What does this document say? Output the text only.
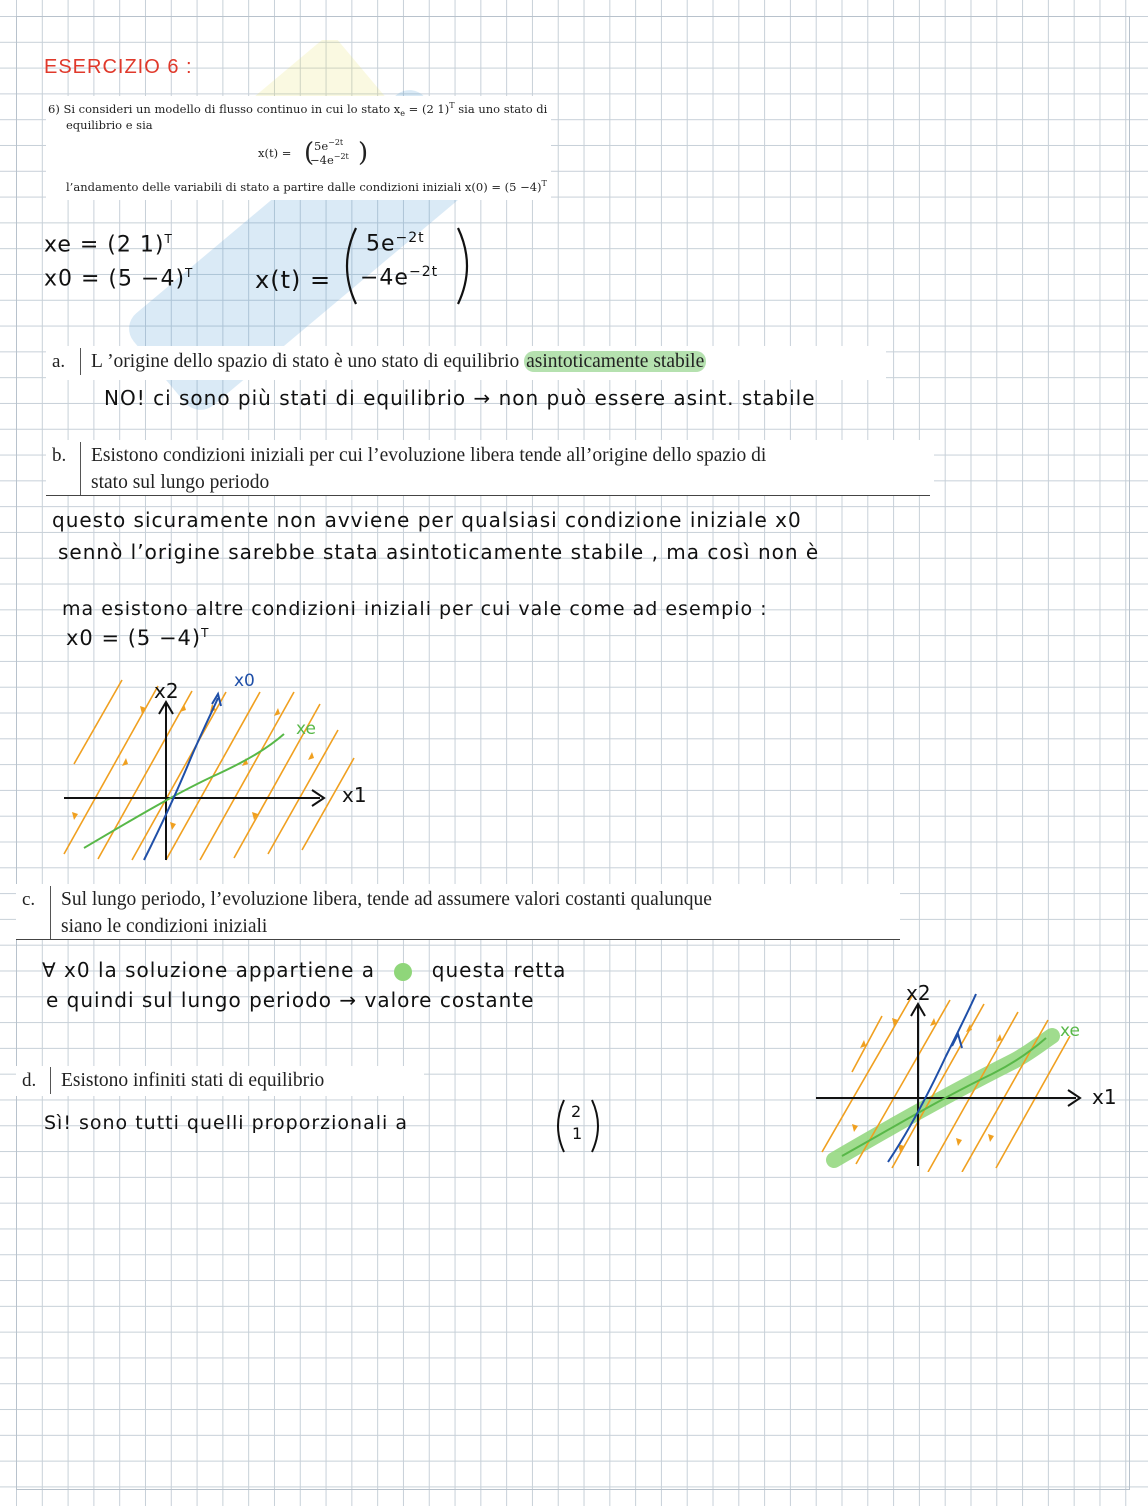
ESERCIZIO 6 :
6) Si consideri un modello di flusso continuo in cui lo stato $x_e = (2$ 1)$^T$ sia uno stato di
equilibrio e sia
x(t) = ( $5e^{-2t}$
$-4e^{-2t}$ )
l’andamento delle variabili di stato a partire dalle condizioni iniziali $x(0) = (5 -4)^T$
xe = (2 1)$^T$
$x0 = (5 -4)^T$	x(t) =
$5e^{-2t}$
$-4e^{-2t}$
a.	L ’origine dello spazio di stato è uno stato di equilibrio asintoticamente stabile
NO! ci sono più stati di equilibrio → non può essere asint. stabile
b. Esistono condizioni iniziali per cui l’evoluzione libera tende all’origine dello spazio di
stato sul lungo periodo
questo sicuramente non avviene per qualsiasi condizione iniziale x0
sennò l’origine sarebbe stata asintoticamente stabile , ma così non è
ma esistono altre condizioni iniziali per cui vale come ad esempio :
$x0 = (5 -4)^T$
x2
x1
x0
xe
c. Sul lungo periodo, l’evoluzione libera, tende ad assumere valori costanti qualunque
siano le condizioni iniziali
∀ x0 la soluzione appartiene a	questa retta
e quindi sul lungo periodo → valore costante	x2
x1
xe
d.	Esistono infiniti stati di equilibrio
Sì! sono tutti quelli proporzionali a
2
1
